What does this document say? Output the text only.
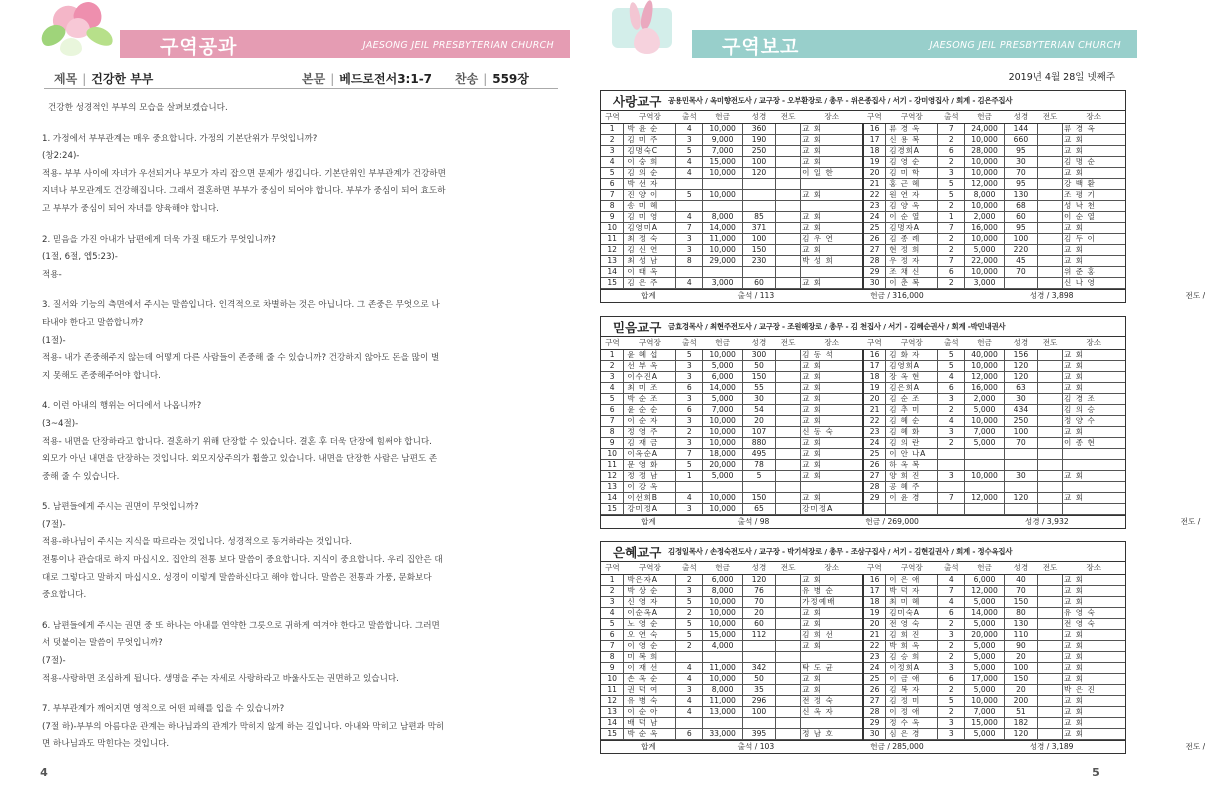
구역공과	JAESONG JEIL PRESBYTERIAN CHURCH	구역보고	JAESONG JEIL PRESBYTERIAN CHURCH
제목 | 건강한 부부	본문 | 베드로전서3:1-7 찬송 | 559장

건강한 성경적인 부부의 모습을 살펴보겠습니다.

1. 가정에서 부부관계는 매우 중요합니다. 가정의 기본단위가 무엇입니까?

(창2:24)-

적용- 부부 사이에 자녀가 우선되거나 부모가 자리 잡으면 문제가 생깁니다. 기본단위인 부부관계가 건강하면

지녀나 부모관계도 건강해집니다. 그래서 결혼하면 부부가 중심이 되어야 합니다. 부부가 중심이 되어 효도하

고 부부가 중심이 되어 자녀를 양육해야 합니다.

2. 믿음을 가진 아내가 남편에게 더욱 가질 태도가 무엇입니까?

(1절, 6절, 엡5:23)-

적용-

3. 질서와 기능의 측면에서 주시는 말씀입니다. 인격적으로 차별하는 것은 아닙니다. 그 존중은 무엇으로 나

타내야 한다고 말씀합니까?

(1절)-

적용- 내가 존중해주지 않는데 어떻게 다른 사람들이 존중해 줄 수 있습니까? 건강하지 않아도 돈을 많이 벌

지 못해도 존중해주어야 합니다.

4. 이런 아내의 행위는 어디에서 나옵니까?

(3~4절)-

적용- 내면을 단장하라고 합니다. 결혼하기 위해 단장할 수 있습니다. 결혼 후 더욱 단장에 힘써야 합니다.

외모가 아닌 내면을 단장하는 것입니다. 외모지상주의가 휩쓸고 있습니다. 내면을 단장한 사람은 남편도 존

중해 줄 수 있습니다.

5. 남편들에게 주시는 권면이 무엇입니까?

(7절)-

적용-하나님이 주시는 지식을 따르라는 것입니다. 성경적으로 동거하라는 것입니다.

전통이나 관습대로 하지 마십시오. 집안의 전통 보다 말씀이 중요합니다. 지식이 중요합니다. 우리 집안은 대

대로 그렇다고 말하지 마십시오. 성경이 이렇게 말씀하신다고 해야 합니다. 말씀은 전통과 가풍, 문화보다

중요합니다.

6. 남편들에게 주시는 권면 중 또 하나는 아내를 연약한 그릇으로 귀하게 여겨야 한다고 말씀합니다. 그러면

서 덧붙이는 말씀이 무엇입니까?

(7절)-

적용-사랑하면 조심하게 됩니다. 생명을 주는 자세로 사랑하라고 바울사도는 권면하고 있습니다.

7. 부부관계가 깨어지면 영적으로 어떤 피해를 입을 수 있습니까?

(7절 하)-부부의 아름다운 관계는 하나님과의 관계가 막히지 않게 하는 길입니다. 아내와 막히고 남편과 막히

면 하나님과도 막힌다는 것입니다.

2019년 4월 28일 넷째주
사랑교구 공용민목사 / 옥미향전도사 / 교구장 - 오부환장로 / 총무 - 위은종집사 / 서기 - 강미영집사 / 회계 - 김은주집사
구역	구역장	출석	헌금	성경	전도	장소	구역	구역장	출석	헌금	성경	전도	장소
1	박 윤 순	4	10,000	360		교 회	16	류 경 옥	7	24,000	144		류 경 옥
2	김 미 주	3	9,000	190		교 회	17	신 용 복	2	10,000	660		교 회
3	김명숙C	5	7,000	250		교 회	18	김경희A	6	28,000	95		교 회
4	이 숭 희	4	15,000	100		교 회	19	김 영 순	2	10,000	30		김 명 순
5	김 의 순	4	10,000	120		이 일 한	20	김 미 학	3	10,000	70		교 회
6	박 선 자						21	홍 근 혜	5	12,000	95		강 백 환
7	진 양 이	5	10,000			교 회	22	원 연 자	5	8,000	130		조 평 기
8	송 미 혜						23	김 양 옥	2	10,000	68		성 낙 천
9	김 미 영	4	8,000	85		교 회	24	이 순 열	1	2,000	60		이 순 열
10	김영미A	7	14,000	371		교 회	25	김명자A	7	16,000	95		교 회
11	최 정 숙	3	11,000	100		김 우 연	26	김 종 례	2	10,000	100		김 두 이
12	김 신 연	3	10,000	150		교 회	27	현 정 희	2	5,000	220		교 회
13	최 성 남	8	29,000	230		박 성 희	28	우 정 자	7	22,000	45		교 회
14	이 태 옥						29	조 채 신	6	10,000	70		위 준 홍
15	김 은 주	4	3,000	60		교 회	30	이 춘 복	2	3,000			신 나 영
합계	출석 / 113	헌금 / 316,000	성경 / 3,898	전도 /
믿음교구 금효경목사 / 최현주전도사 / 교구장 - 조원해장로 / 총무 - 김 천집사 / 서기 - 김혜순권사 / 회계 -박민내권사
구역	구역장	출석	헌금	성경	전도	장소	구역	구역장	출석	헌금	성경	전도	장소
1	윤 혜 섭	5	10,000	300		김 동 석	16	김 화 자	5	40,000	156		교 회
2	선 부 옥	3	5,000	50		교 회	17	김영희A	5	10,000	120		교 회
3	이수진A	3	6,000	150		교 회	18	장 옥 현	4	12,000	120		교 회
4	최 미 조	6	14,000	55		교 회	19	김은희A	6	16,000	63		교 회
5	박 순 조	3	5,000	30		교 회	20	김 순 조	3	2,000	30		김 경 조
6	윤 순 순	6	7,000	54		교 회	21	김 추 미	2	5,000	434		김 의 승
7	이 순 자	3	10,000	20		교 회	22	김 혜 순	4	10,000	250		정 양 수
8	정 영 주	2	10,000	107		신 동 숙	23	김 혜 화	3	7,000	100		교 회
9	김 재 금	3	10,000	880		교 회	24	김 의 란	2	5,000	70		이 종 현
10	이옥순A	7	18,000	495		교 회	25	이 안 나A					
11	문 영 화	5	20,000	78		교 회	26	하 옥 복					
12	정 정 남	1	5,000	5		교 회	27	양 희 진	3	10,000	30		교 회
13	이 강 옥						28	공 혜 주					
14	이선희B	4	10,000	150		교 회	29	이 윤 경	7	12,000	120		교 회
15	강미정A	3	10,000	65		강미정A							
합계	출석 / 98	헌금 / 269,000	성경 / 3,932	전도 /
은혜교구 김정일목사 / 손정숙전도사 / 교구장 - 박기석장로 / 총무 - 조삼구집사 / 서기 - 김현길권사 / 회계 - 정수옥집사
구역	구역장	출석	헌금	성경	전도	장소	구역	구역장	출석	헌금	성경	전도	장소
1	박은자A	2	6,000	120		교 회	16	이 은 애	4	6,000	40		교 회
2	박 상 순	3	8,000	76		유 병 순	17	박 덕 자	7	12,000	70		교 회
3	신 영 자	5	10,000	70		가정예배	18	최 미 혜	4	5,000	150		교 회
4	이순옥A	2	10,000	20		교 회	19	김미숙A	6	14,000	80		유 영 숙
5	노 영 순	5	10,000	60		교 회	20	전 영 숙	2	5,000	130		전 영 숙
6	오 연 숙	5	15,000	112		김 희 선	21	김 희 진	3	20,000	110		교 회
7	이 영 순	2	4,000			교 회	22	박 희 옥	2	5,000	90		교 회
8	미 복 희						23	김 승 희	2	5,000	20		교 회
9	이 재 선	4	11,000	342		탁 도 균	24	이정희A	3	5,000	100		교 회
10	손 옥 순	4	10,000	50		교 회	25	이 금 애	6	17,000	150		교 회
11	권 덕 여	3	8,000	35		교 회	26	김 복 자	2	5,000	20		박 은 진
12	유 병 숙	4	11,000	296		전 정 숙	27	김 정 미	5	10,000	200		교 회
13	이 순 아	4	13,000	100		신 옥 자	28	이 정 애	2	7,000	51		교 회
14	배 덕 남						29	정 수 옥	3	15,000	182		교 회
15	박 순 옥	6	33,000	395		정 남 호	30	심 은 경	3	5,000	120		교 회
합계	출석 / 103	헌금 / 285,000	성경 / 3,189	전도 /
4	5
